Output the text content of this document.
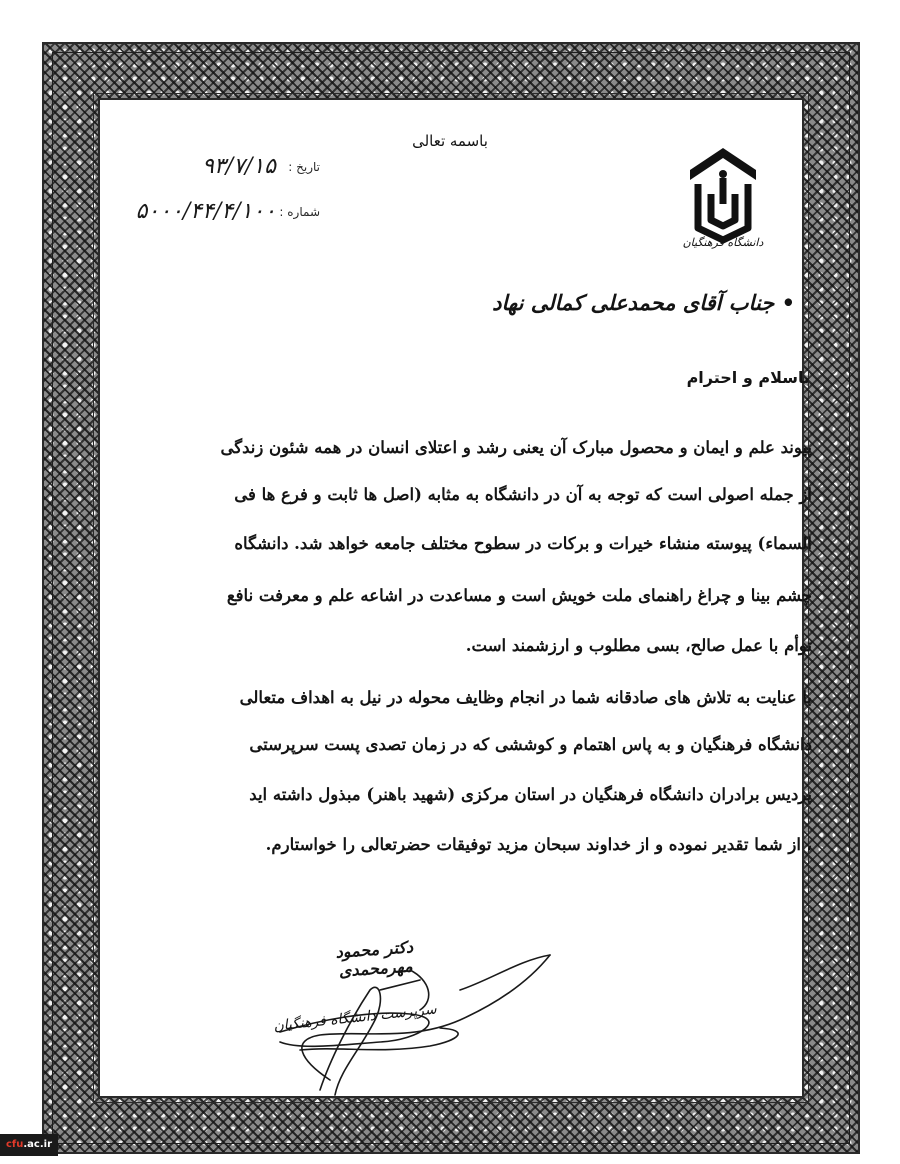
باسمه تعالی
تاریخ :
۹۳/۷/۱۵
شماره :
۵۰۰۰/۴۴/۴/۱۰۰
دانشگاه فرهنگیان
• جناب آقای محمدعلی کمالی نهاد
باسلام و احترام
پیوند علم و ایمان و محصول مبارک آن یعنی رشد و اعتلای انسان در همه شئون زندگی
از جمله اصولی است که توجه به آن در دانشگاه به مثابه (اصل ها ثابت و فرع ها فی
السماء) پیوسته منشاء خیرات و برکات در سطوح مختلف جامعه خواهد شد. دانشگاه
چشم بینا و چراغ راهنمای ملت خویش است و مساعدت در اشاعه علم و معرفت نافع
توأم با عمل صالح، بسی مطلوب و ارزشمند است.
با عنایت به تلاش های صادقانه شما در انجام وظایف محوله در نیل به اهداف متعالی
دانشگاه فرهنگیان و به پاس اهتمام و کوششی که در زمان تصدی پست سرپرستی
پردیس برادران دانشگاه فرهنگیان در استان مرکزی (شهید باهنر) مبذول داشته اید
، از شما تقدیر نموده و از خداوند سبحان مزید توفیقات حضرتعالی را خواستارم.
دکتر محمود مهرمحمدی
سرپرست دانشگاه فرهنگیان
cfu.ac.ir
